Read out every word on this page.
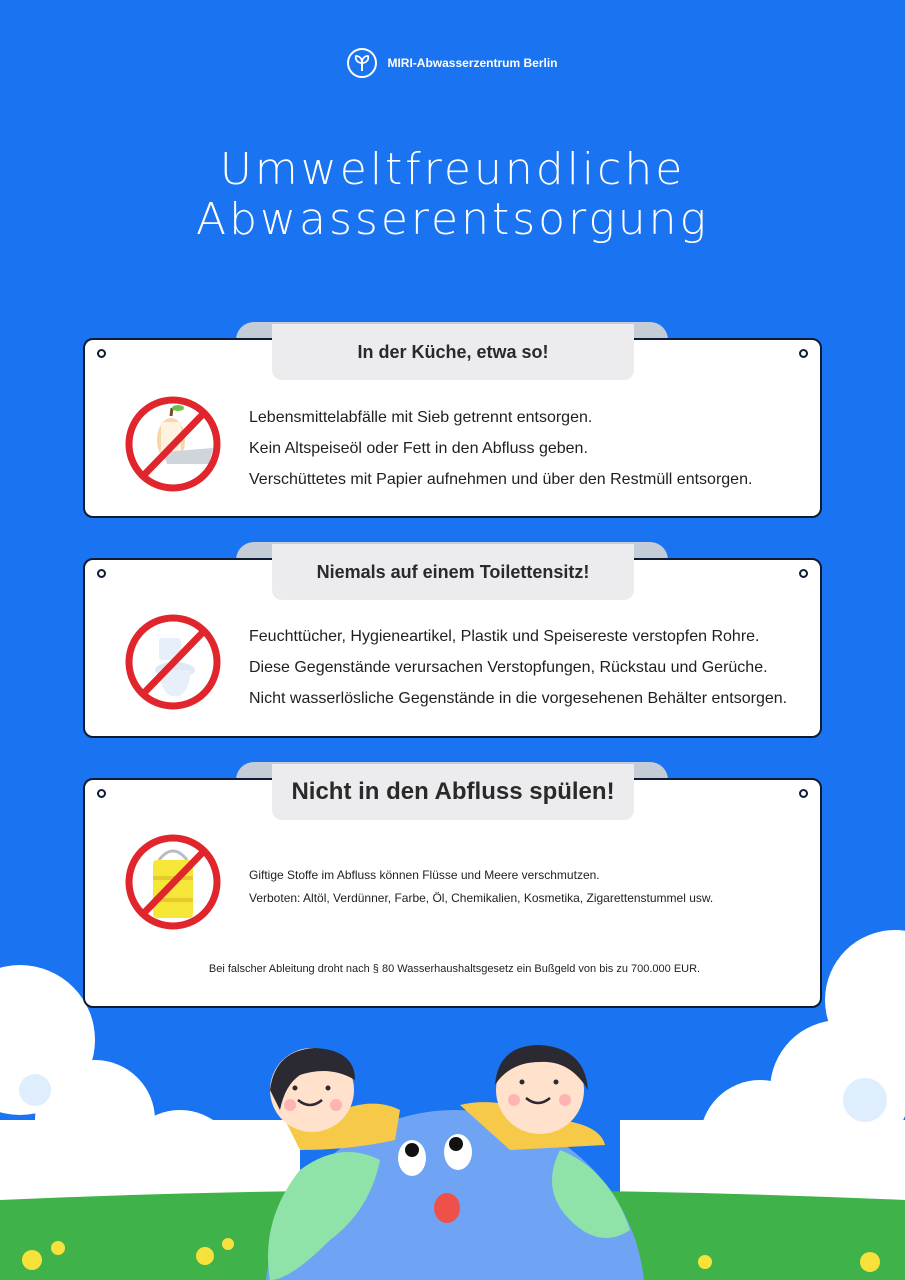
MIRI-Abwasserzentrum Berlin
Umweltfreundliche
Abwasserentsorgung
Lebensmittelabfälle mit Sieb getrennt entsorgen.
Kein Altspeiseöl oder Fett in den Abfluss geben.
Verschüttetes mit Papier aufnehmen und über den Restmüll entsorgen.
In der Küche, etwa so!
Feuchttücher, Hygieneartikel, Plastik und Speisereste verstopfen Rohre.
Diese Gegenstände verursachen Verstopfungen, Rückstau und Gerüche.
Nicht wasserlösliche Gegenstände in die vorgesehenen Behälter entsorgen.
Niemals auf einem Toilettensitz!
Giftige Stoffe im Abfluss können Flüsse und Meere verschmutzen.
Verboten: Altöl, Verdünner, Farbe, Öl, Chemikalien, Kosmetika, Zigarettenstummel usw.
Bei falscher Ableitung droht nach § 80 Wasserhaushaltsgesetz ein Bußgeld von bis zu 700.000 EUR.
Nicht in den Abfluss spülen!
